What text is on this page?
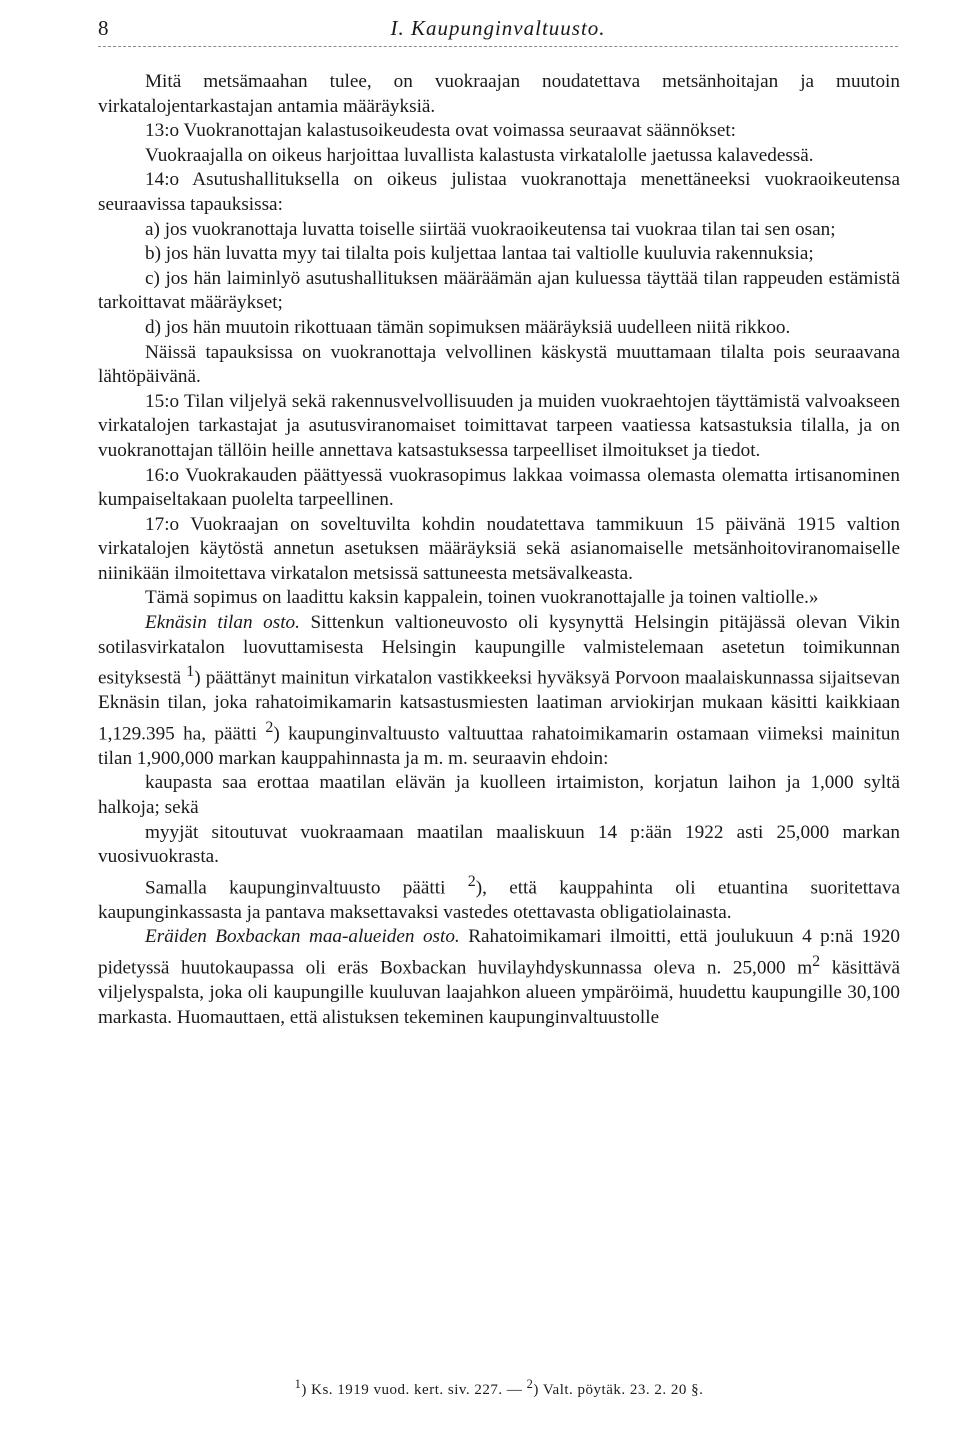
8	I. Kaupunginvaltuusto.

Mitä metsämaahan tulee, on vuokraajan noudatettava metsänhoitajan ja muutoin virkatalojentarkastajan antamia määräyksiä.

13:o Vuokranottajan kalastusoikeudesta ovat voimassa seuraavat säännökset:

Vuokraajalla on oikeus harjoittaa luvallista kalastusta virkatalolle jaetussa kalavedessä.

14:o Asutushallituksella on oikeus julistaa vuokranottaja menettäneeksi vuokraoikeutensa seuraavissa tapauksissa:

a) jos vuokranottaja luvatta toiselle siirtää vuokraoikeutensa tai vuokraa tilan tai sen osan;

b) jos hän luvatta myy tai tilalta pois kuljettaa lantaa tai valtiolle kuuluvia rakennuksia;

c) jos hän laiminlyö asutushallituksen määräämän ajan kuluessa täyttää tilan rappeuden estämistä tarkoittavat määräykset;

d) jos hän muutoin rikottuaan tämän sopimuksen määräyksiä uudelleen niitä rikkoo.

Näissä tapauksissa on vuokranottaja velvollinen käskystä muuttamaan tilalta pois seuraavana lähtöpäivänä.

15:o Tilan viljelyä sekä rakennusvelvollisuuden ja muiden vuokraehtojen täyttämistä valvoakseen virkatalojen tarkastajat ja asutusviranomaiset toimittavat tarpeen vaatiessa katsastuksia tilalla, ja on vuokranottajan tällöin heille annettava katsastuksessa tarpeelliset ilmoitukset ja tiedot.

16:o Vuokrakauden päättyessä vuokrasopimus lakkaa voimassa olemasta olematta irtisanominen kumpaiseltakaan puolelta tarpeellinen.

17:o Vuokraajan on soveltuvilta kohdin noudatettava tammikuun 15 päivänä 1915 valtion virkatalojen käytöstä annetun asetuksen määräyksiä sekä asianomaiselle metsänhoitoviranomaiselle niinikään ilmoitettava virkatalon metsissä sattuneesta metsävalkeasta.

Tämä sopimus on laadittu kaksin kappalein, toinen vuokranottajalle ja toinen valtiolle.»

Eknäsin tilan osto. Sittenkun valtioneuvosto oli kysynyttä Helsingin pitäjässä olevan Vikin sotilasvirkatalon luovuttamisesta Helsingin kaupungille valmistelemaan asetetun toimikunnan esityksestä $^1$) päättänyt mainitun virkatalon vastikkeeksi hyväksyä Porvoon maalaiskunnassa sijaitsevan Eknäsin tilan, joka rahatoimikamarin katsastusmiesten laatiman arviokirjan mukaan käsitti kaikkiaan 1,129.395 ha, päätti $^2$) kaupunginvaltuusto valtuuttaa rahatoimikamarin ostamaan viimeksi mainitun tilan 1,900,000 markan kauppahinnasta ja m. m. seuraavin ehdoin:

kaupasta saa erottaa maatilan elävän ja kuolleen irtaimiston, korjatun laihon ja 1,000 syltä halkoja; sekä

myyjät sitoutuvat vuokraamaan maatilan maaliskuun 14 p:ään 1922 asti 25,000 markan vuosivuokrasta.

Samalla kaupunginvaltuusto päätti $^2$), että kauppahinta oli etuantina suoritettava kaupunginkassasta ja pantava maksettavaksi vastedes otettavasta obligatiolainasta.

Eräiden Boxbackan maa-alueiden osto. Rahatoimikamari ilmoitti, että joulukuun 4 p:nä 1920 pidetyssä huutokaupassa oli eräs Boxbackan huvilayhdyskunnassa oleva n. 25,000 $m^2$ käsittävä viljelyspalsta, joka oli kaupungille kuuluvan laajahkon alueen ympäröimä, huudettu kaupungille 30,100 markasta. Huomauttaen, että alistuksen tekeminen kaupunginvaltuustolle

$^1$) Ks. 1919 vuod. kert. siv. 227. — $^2$) Valt. pöytäk. 23. 2. 20 §.
